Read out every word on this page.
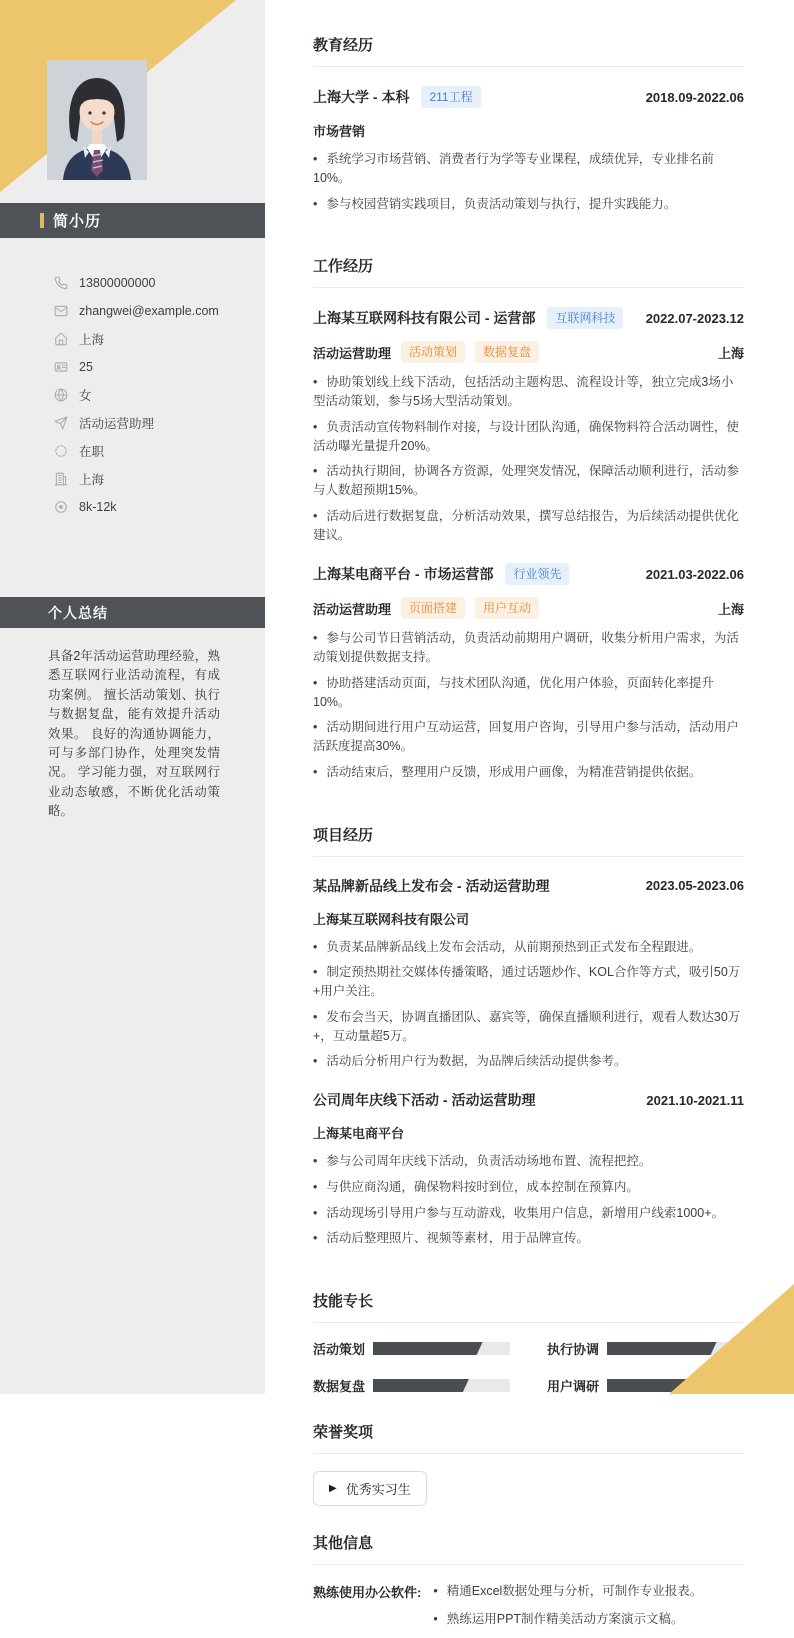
简小历
13800000000
zhangwei@example.com
上海
25
女
活动运营助理
在职
上海
8k-12k
个人总结
具备2年活动运营助理经验，熟悉互联网行业活动流程，有成功案例。 擅长活动策划、执行与数据复盘，能有效提升活动效果。 良好的沟通协调能力，可与多部门协作，处理突发情况。 学习能力强，对互联网行业动态敏感，不断优化活动策略。
教育经历
上海大学 - 本科	211工程	2018.09-2022.06
市场营销
• 系统学习市场营销、消费者行为学等专业课程，成绩优异，专业排名前10%。
• 参与校园营销实践项目，负责活动策划与执行，提升实践能力。
工作经历
上海某互联网科技有限公司 - 运营部	互联网科技	2022.07-2023.12
活动运营助理	活动策划	数据复盘	上海
• 协助策划线上线下活动，包括活动主题构思、流程设计等，独立完成3场小型活动策划，参与5场大型活动策划。
• 负责活动宣传物料制作对接，与设计团队沟通，确保物料符合活动调性，使活动曝光量提升20%。
• 活动执行期间，协调各方资源，处理突发情况，保障活动顺利进行，活动参与人数超预期15%。
• 活动后进行数据复盘，分析活动效果，撰写总结报告，为后续活动提供优化建议。
上海某电商平台 - 市场运营部	行业领先	2021.03-2022.06
活动运营助理	页面搭建	用户互动	上海
• 参与公司节日营销活动，负责活动前期用户调研，收集分析用户需求，为活动策划提供数据支持。
• 协助搭建活动页面，与技术团队沟通，优化用户体验，页面转化率提升10%。
• 活动期间进行用户互动运营，回复用户咨询，引导用户参与活动，活动用户活跃度提高30%。
• 活动结束后，整理用户反馈，形成用户画像，为精准营销提供依据。
项目经历
某品牌新品线上发布会 - 活动运营助理	2023.05-2023.06
上海某互联网科技有限公司
• 负责某品牌新品线上发布会活动，从前期预热到正式发布全程跟进。
• 制定预热期社交媒体传播策略，通过话题炒作、KOL合作等方式，吸引50万+用户关注。
• 发布会当天，协调直播团队、嘉宾等，确保直播顺利进行，观看人数达30万+，互动量超5万。
• 活动后分析用户行为数据，为品牌后续活动提供参考。
公司周年庆线下活动 - 活动运营助理	2021.10-2021.11
上海某电商平台
• 参与公司周年庆线下活动，负责活动场地布置、流程把控。
• 与供应商沟通，确保物料按时到位，成本控制在预算内。
• 活动现场引导用户参与互动游戏，收集用户信息，新增用户线索1000+。
• 活动后整理照片、视频等素材，用于品牌宣传。
技能专长
活动策划	执行协调
数据复盘	用户调研
荣誉奖项
▶ 优秀实习生
其他信息
熟练使用办公软件: • 精通Excel数据处理与分析，可制作专业报表。
• 熟练运用PPT制作精美活动方案演示文稿。
